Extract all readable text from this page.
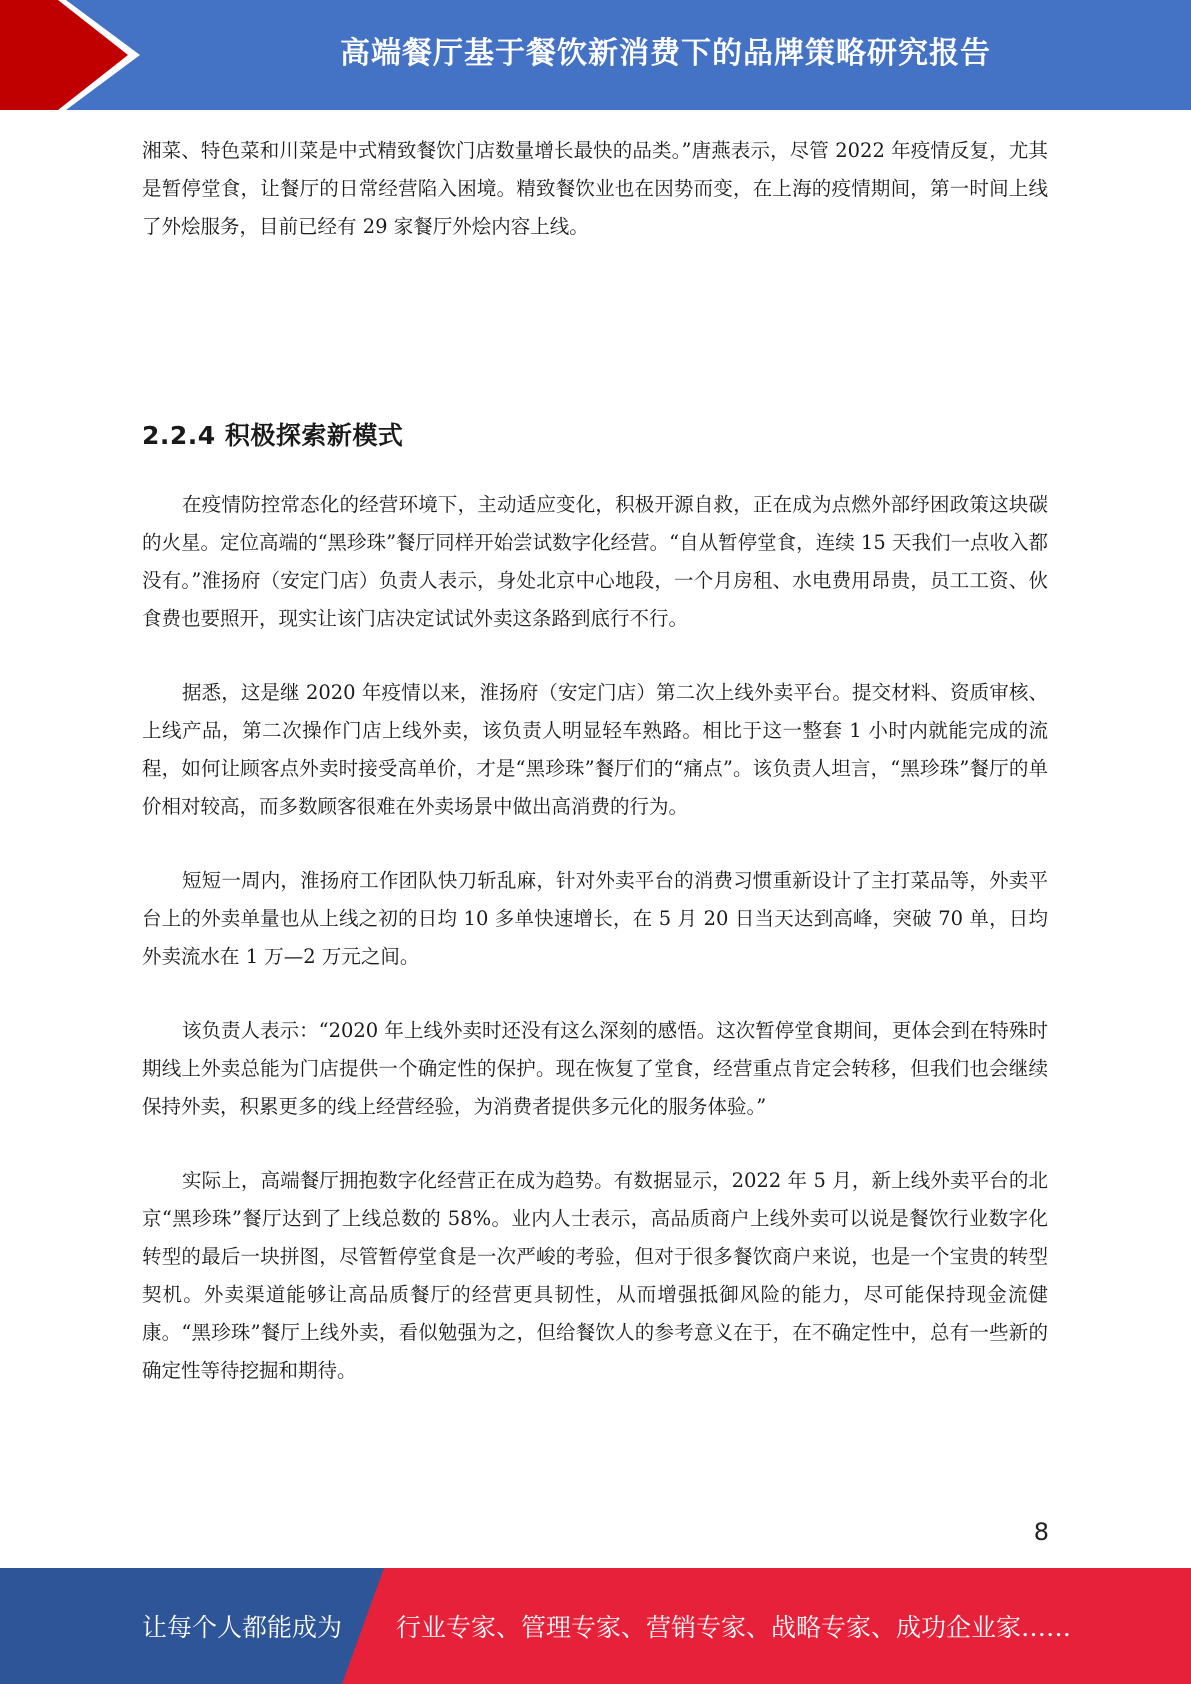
高端餐厅基于餐饮新消费下的品牌策略研究报告

湘菜、特色菜和川菜是中式精致餐饮门店数量增长最快的品类。”唐燕表示，尽管 2022 年疫情反复，尤其是暂停堂食，让餐厅的日常经营陷入困境。精致餐饮业也在因势而变，在上海的疫情期间，第一时间上线了外烩服务，目前已经有 29 家餐厅外烩内容上线。

2.2.4 积极探索新模式

在疫情防控常态化的经营环境下，主动适应变化，积极开源自救，正在成为点燃外部纾困政策这块碳的火星。定位高端的“黑珍珠”餐厅同样开始尝试数字化经营。“自从暂停堂食，连续 15 天我们一点收入都没有。”淮扬府（安定门店）负责人表示，身处北京中心地段，一个月房租、水电费用昂贵，员工工资、伙食费也要照开，现实让该门店决定试试外卖这条路到底行不行。

据悉，这是继 2020 年疫情以来，淮扬府（安定门店）第二次上线外卖平台。提交材料、资质审核、上线产品，第二次操作门店上线外卖，该负责人明显轻车熟路。相比于这一整套 1 小时内就能完成的流程，如何让顾客点外卖时接受高单价，才是“黑珍珠”餐厅们的“痛点”。该负责人坦言，“黑珍珠”餐厅的单价相对较高，而多数顾客很难在外卖场景中做出高消费的行为。

短短一周内，淮扬府工作团队快刀斩乱麻，针对外卖平台的消费习惯重新设计了主打菜品等，外卖平台上的外卖单量也从上线之初的日均 10 多单快速增长，在 5 月 20 日当天达到高峰，突破 70 单，日均外卖流水在 1 万—2 万元之间。

该负责人表示：“2020 年上线外卖时还没有这么深刻的感悟。这次暂停堂食期间，更体会到在特殊时期线上外卖总能为门店提供一个确定性的保护。现在恢复了堂食，经营重点肯定会转移，但我们也会继续保持外卖，积累更多的线上经营经验，为消费者提供多元化的服务体验。”

实际上，高端餐厅拥抱数字化经营正在成为趋势。有数据显示，2022 年 5 月，新上线外卖平台的北京“黑珍珠”餐厅达到了上线总数的 58%。业内人士表示，高品质商户上线外卖可以说是餐饮行业数字化转型的最后一块拼图，尽管暂停堂食是一次严峻的考验，但对于很多餐饮商户来说，也是一个宝贵的转型契机。外卖渠道能够让高品质餐厅的经营更具韧性，从而增强抵御风险的能力，尽可能保持现金流健康。“黑珍珠”餐厅上线外卖，看似勉强为之，但给餐饮人的参考意义在于，在不确定性中，总有一些新的确定性等待挖掘和期待。

8
让每个人都能成为 行业专家、管理专家、营销专家、战略专家、成功企业家……
